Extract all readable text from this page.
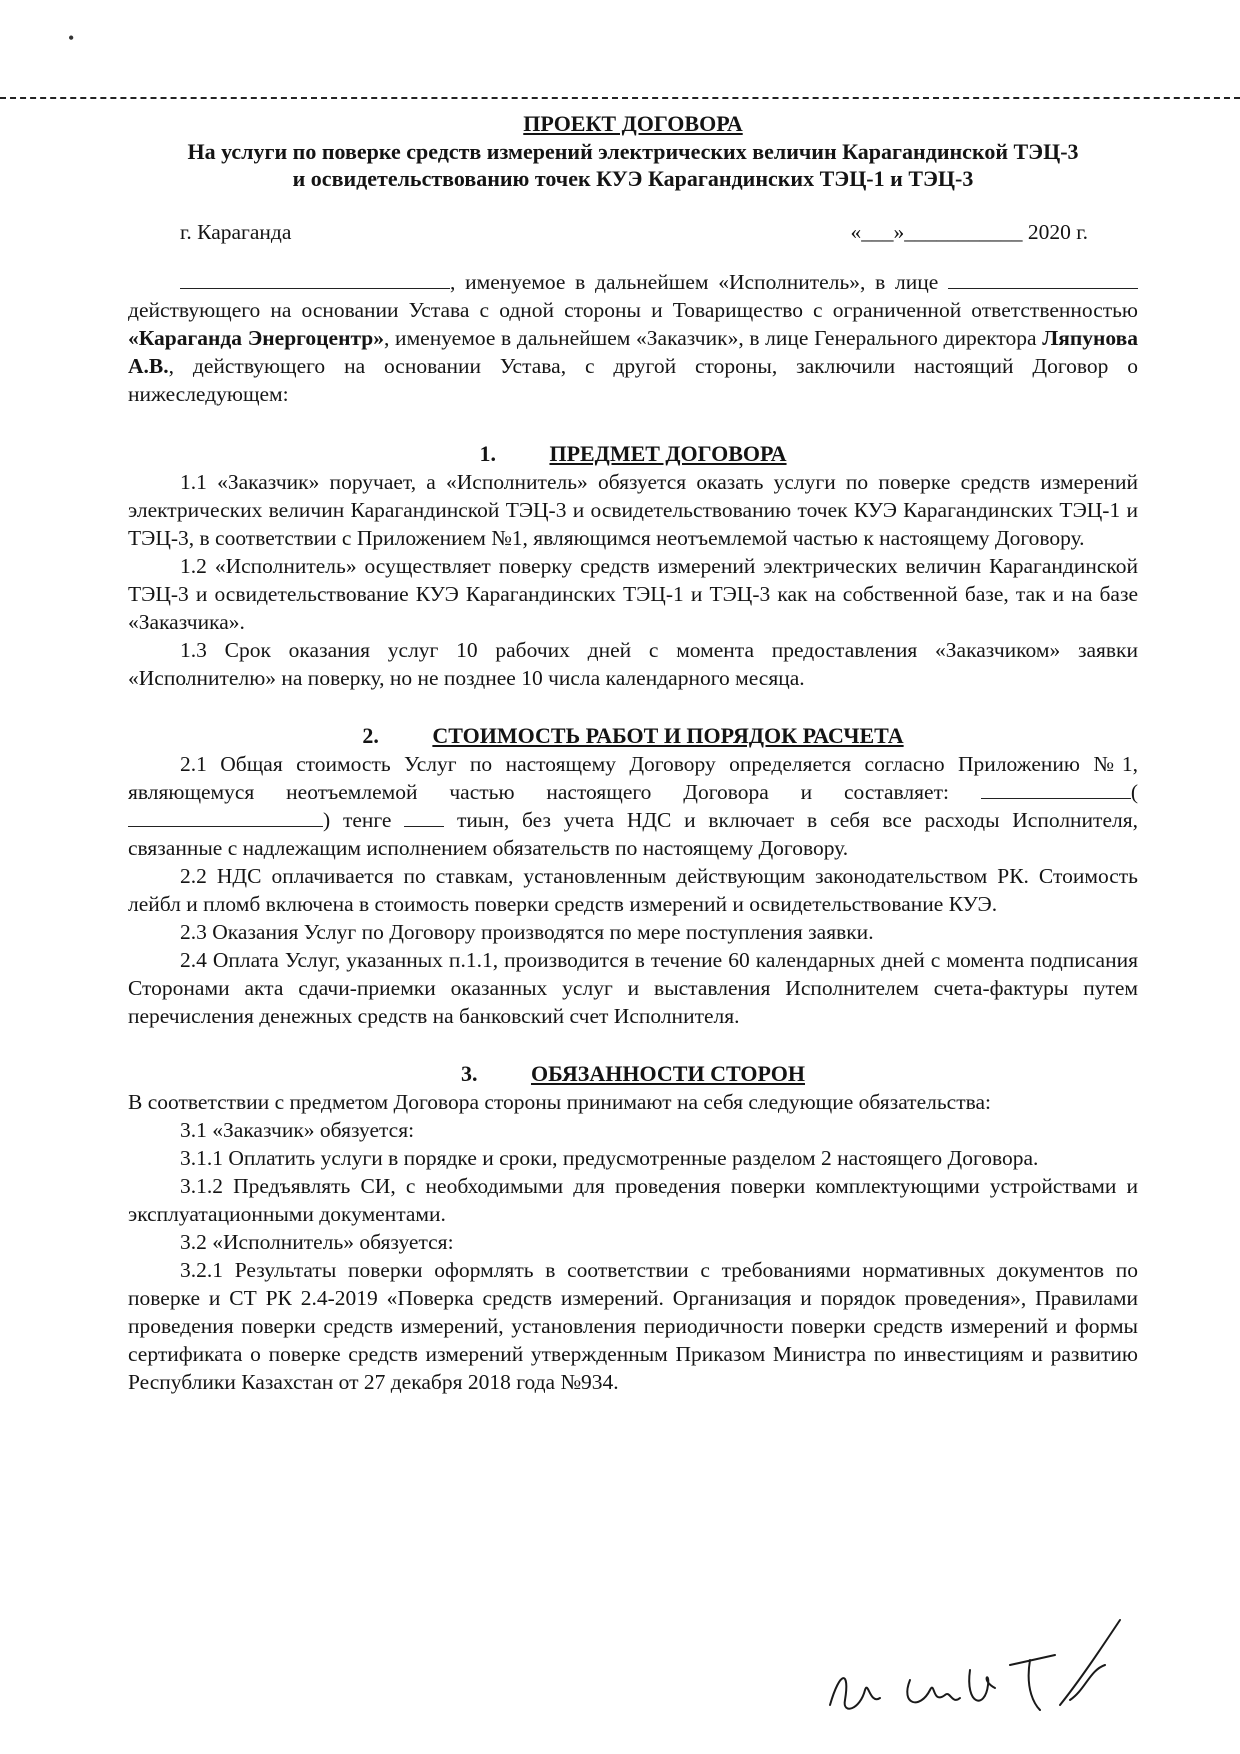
•
ПРОЕКТ ДОГОВОРА
На услуги по поверке средств измерений электрических величин Карагандинской ТЭЦ-3
и освидетельствованию точек КУЭ Карагандинских ТЭЦ-1 и ТЭЦ-3
г. Караганда	«___»___________ 2020 г.

, именуемое в дальнейшем «Исполнитель», в лице  действующего на основании Устава с одной стороны и Товарищество с ограниченной ответственностью «Караганда Энергоцентр», именуемое в дальнейшем «Заказчик», в лице Генерального директора Ляпунова А.В., действующего на основании Устава, с другой стороны, заключили настоящий Договор о нижеследующем:

1. ПРЕДМЕТ ДОГОВОРА

1.1 «Заказчик» поручает, а «Исполнитель» обязуется оказать услуги по поверке средств измерений электрических величин Карагандинской ТЭЦ-3 и освидетельствованию точек КУЭ Карагандинских ТЭЦ-1 и ТЭЦ-3, в соответствии с Приложением №1, являющимся неотъемлемой частью к настоящему Договору.

1.2 «Исполнитель» осуществляет поверку средств измерений электрических величин Карагандинской ТЭЦ-3 и освидетельствование КУЭ Карагандинских ТЭЦ-1 и ТЭЦ-3 как на собственной базе, так и на базе «Заказчика».

1.3 Срок оказания услуг 10 рабочих дней с момента предоставления «Заказчиком» заявки «Исполнителю» на поверку, но не позднее 10 числа календарного месяца.

2. СТОИМОСТЬ РАБОТ И ПОРЯДОК РАСЧЕТА

2.1 Общая стоимость Услуг по настоящему Договору определяется согласно Приложению №1, являющемуся неотъемлемой частью настоящего Договора и составляет:	() тенге  тиын, без учета НДС и включает в себя все расходы Исполнителя, связанные с надлежащим исполнением обязательств по настоящему Договору.

2.2 НДС оплачивается по ставкам, установленным действующим законодательством РК. Стоимость лейбл и пломб включена в стоимость поверки средств измерений и освидетельствование КУЭ.

2.3 Оказания Услуг по Договору производятся по мере поступления заявки.

2.4 Оплата Услуг, указанных п.1.1, производится в течение 60 календарных дней с момента подписания Сторонами акта сдачи-приемки оказанных услуг и выставления Исполнителем счета-фактуры путем перечисления денежных средств на банковский счет Исполнителя.

3. ОБЯЗАННОСТИ СТОРОН

В соответствии с предметом Договора стороны принимают на себя следующие обязательства:

3.1 «Заказчик» обязуется:

3.1.1 Оплатить услуги в порядке и сроки, предусмотренные разделом 2 настоящего Договора.

3.1.2 Предъявлять СИ, с необходимыми для проведения поверки комплектующими устройствами и эксплуатационными документами.

3.2 «Исполнитель» обязуется:

3.2.1 Результаты поверки оформлять в соответствии с требованиями нормативных документов по поверке и СТ РК 2.4-2019 «Поверка средств измерений. Организация и порядок проведения», Правилами проведения поверки средств измерений, установления периодичности поверки средств измерений и формы сертификата о поверке средств измерений утвержденным Приказом Министра по инвестициям и развитию Республики Казахстан от 27 декабря 2018 года №934.
